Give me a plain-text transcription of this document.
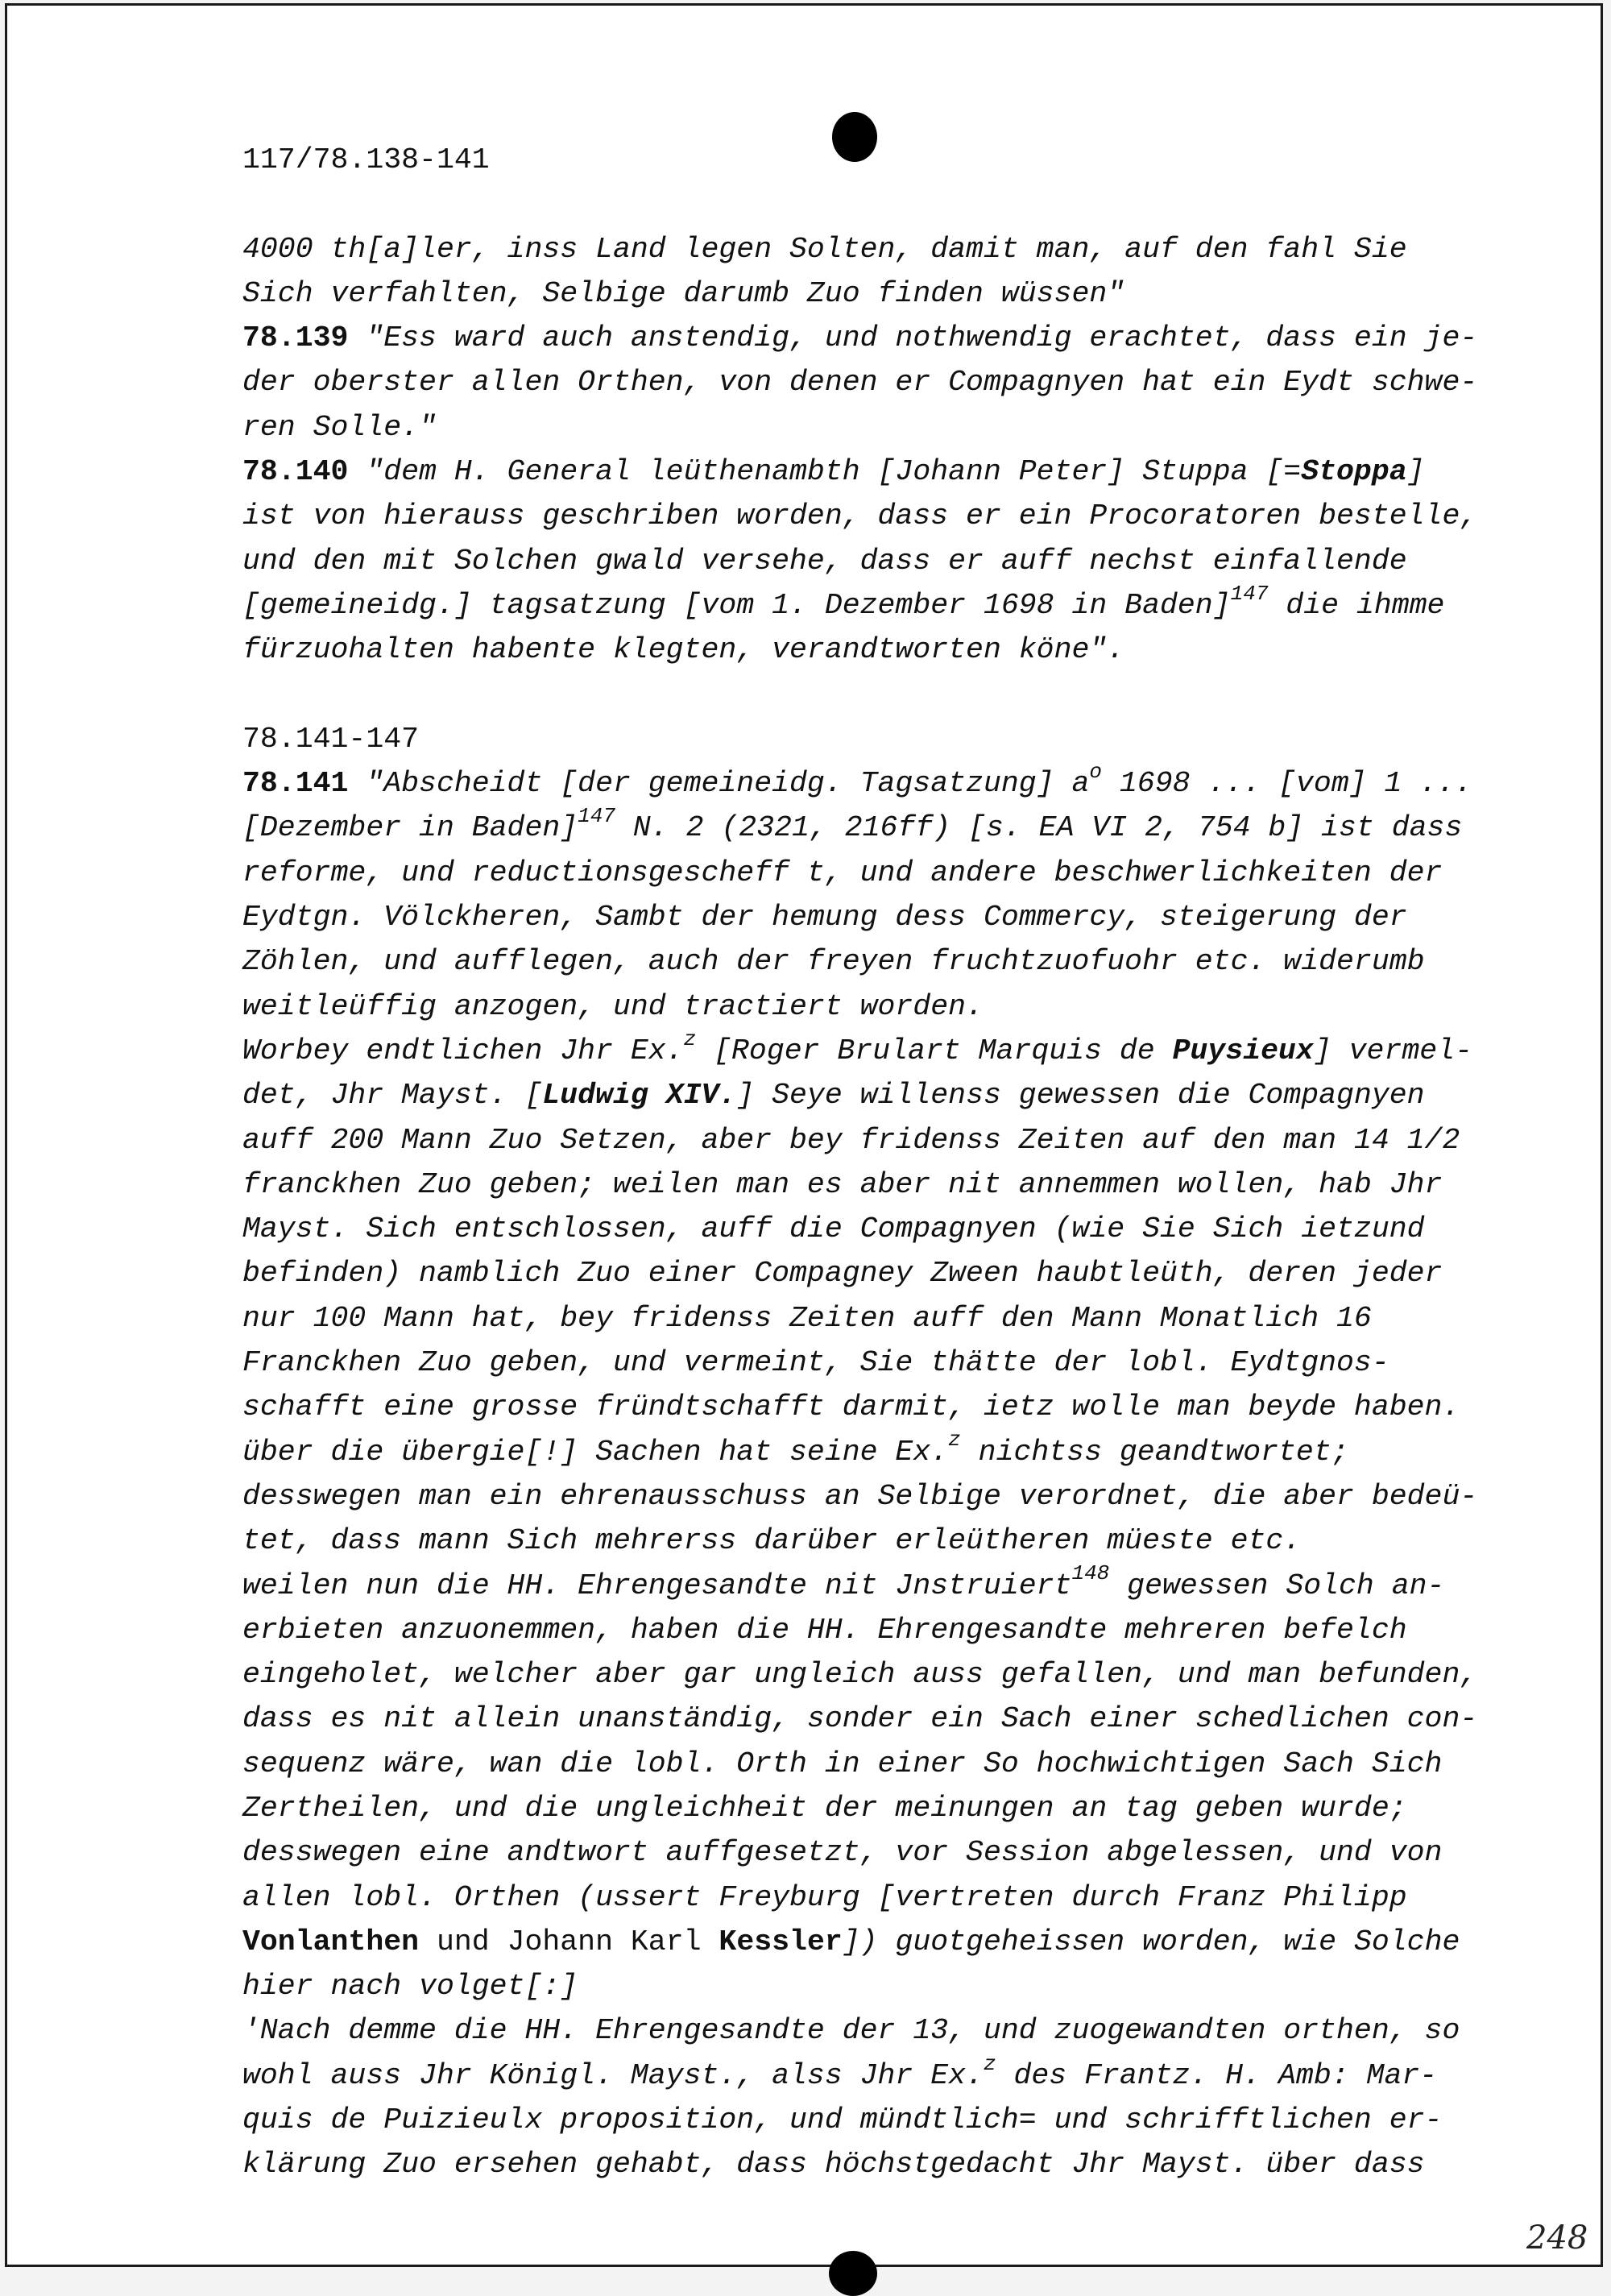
117/78.138-141
4000 th[a]ler, inss Land legen Solten, damit man, auf den fahl Sie
Sich verfahlten, Selbige darumb Zuo finden wüssen"
78.139 "Ess ward auch anstendig, und nothwendig erachtet, dass ein je-
der oberster allen Orthen, von denen er Compagnyen hat ein Eydt schwe-
ren Solle."
78.140 "dem H. General leüthenambth [Johann Peter] Stuppa [=Stoppa]
ist von hierauss geschriben worden, dass er ein Procoratoren bestelle,
und den mit Solchen gwald versehe, dass er auff nechst einfallende
[gemeineidg.] tagsatzung [vom 1. Dezember 1698 in Baden]$^{147}$ die ihmme
fürzuohalten habente klegten, verandtworten köne".
78.141-147
78.141 "Abscheidt [der gemeineidg. Tagsatzung] $a^o$ 1698 ... [vom] 1 ...
[Dezember in Baden]$^{147}$ N. 2 (2321, 216ff) [s. EA VI 2, 754 b] ist dass
reforme, und reductionsgescheff t, und andere beschwerlichkeiten der
Eydtgn. Völckheren, Sambt der hemung dess Commercy, steigerung der
Zöhlen, und aufflegen, auch der freyen fruchtzuofuohr etc. widerumb
weitleüffig anzogen, und tractiert worden.
Worbey endtlichen Jhr Ex.$^z$ [Roger Brulart Marquis de Puysieux] vermel-
det, Jhr Mayst. [Ludwig XIV.] Seye willenss gewessen die Compagnyen
auff 200 Mann Zuo Setzen, aber bey fridenss Zeiten auf den man 14 1/2
franckhen Zuo geben; weilen man es aber nit annemmen wollen, hab Jhr
Mayst. Sich entschlossen, auff die Compagnyen (wie Sie Sich ietzund
befinden) namblich Zuo einer Compagney Zween haubtleüth, deren jeder
nur 100 Mann hat, bey fridenss Zeiten auff den Mann Monatlich 16
Franckhen Zuo geben, und vermeint, Sie thätte der lobl. Eydtgnos-
schafft eine grosse fründtschafft darmit, ietz wolle man beyde haben.
über die übergie[!] Sachen hat seine Ex.$^z$ nichtss geandtwortet;
desswegen man ein ehrenausschuss an Selbige verordnet, die aber bedeü-
tet, dass mann Sich mehrerss darüber erleütheren müeste etc.
weilen nun die HH. Ehrengesandte nit Jnstruiert$^{148}$ gewessen Solch an-
erbieten anzuonemmen, haben die HH. Ehrengesandte mehreren befelch
eingeholet, welcher aber gar ungleich auss gefallen, und man befunden,
dass es nit allein unanständig, sonder ein Sach einer schedlichen con-
sequenz wäre, wan die lobl. Orth in einer So hochwichtigen Sach Sich
Zertheilen, und die ungleichheit der meinungen an tag geben wurde;
desswegen eine andtwort auffgesetzt, vor Session abgelessen, und von
allen lobl. Orthen (ussert Freyburg [vertreten durch Franz Philipp
Vonlanthen und Johann Karl Kessler]) guotgeheissen worden, wie Solche
hier nach volget[:]
'Nach demme die HH. Ehrengesandte der 13, und zuogewandten orthen, so
wohl auss Jhr Königl. Mayst., alss Jhr Ex.$^z$ des Frantz. H. Amb: Mar-
quis de Puizieulx proposition, und mündtlich= und schrifftlichen er-
klärung Zuo ersehen gehabt, dass höchstgedacht Jhr Mayst. über dass
248
